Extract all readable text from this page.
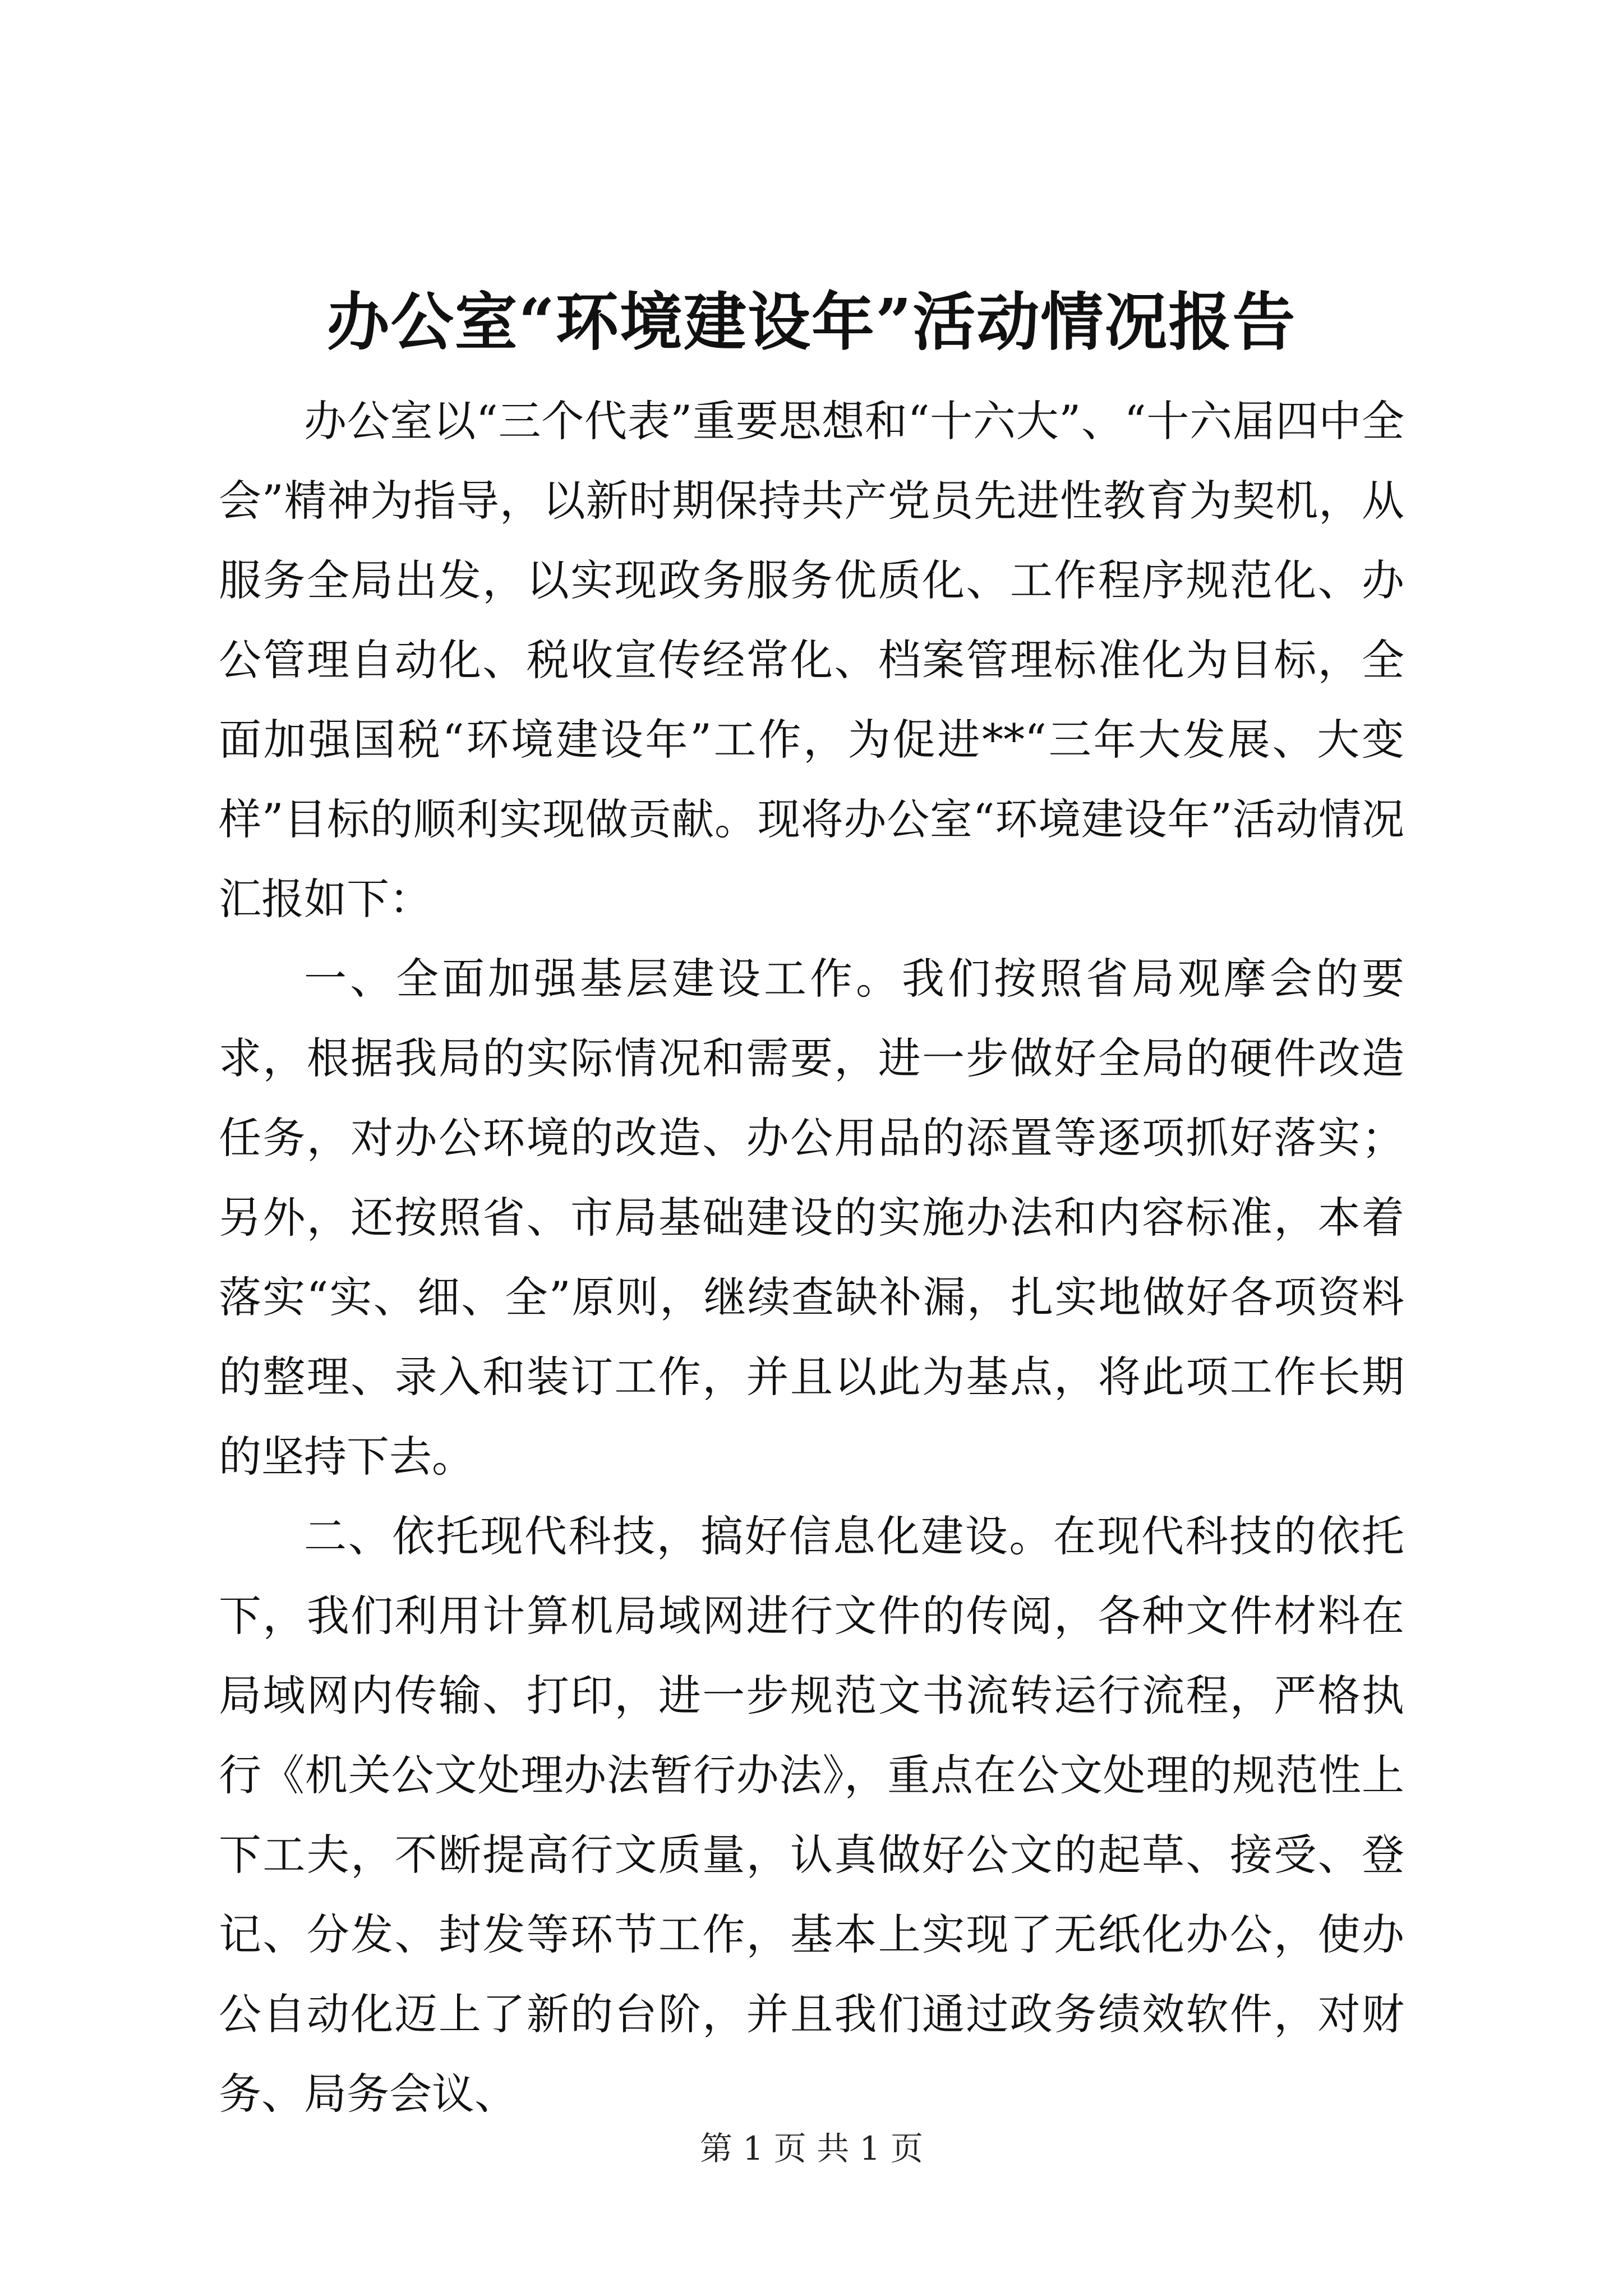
办公室“环境建设年”活动情况报告

办公室以“三个代表”重要思想和“十六大”、“十六届四中全会”精神为指导，以新时期保持共产党员先进性教育为契机，从服务全局出发，以实现政务服务优质化、工作程序规范化、办公管理自动化、税收宣传经常化、档案管理标准化为目标，全面加强国税“环境建设年”工作，为促进**“三年大发展、大变样”目标的顺利实现做贡献。现将办公室“环境建设年”活动情况汇报如下：

一、全面加强基层建设工作。我们按照省局观摩会的要求，根据我局的实际情况和需要，进一步做好全局的硬件改造任务，对办公环境的改造、办公用品的添置等逐项抓好落实；另外，还按照省、市局基础建设的实施办法和内容标准，本着落实“实、细、全”原则，继续查缺补漏，扎实地做好各项资料的整理、录入和装订工作，并且以此为基点，将此项工作长期的坚持下去。

二、依托现代科技，搞好信息化建设。在现代科技的依托下，我们利用计算机局域网进行文件的传阅，各种文件材料在局域网内传输、打印，进一步规范文书流转运行流程，严格执行《机关公文处理办法暂行办法》，重点在公文处理的规范性上下工夫，不断提高行文质量，认真做好公文的起草、接受、登记、分发、封发等环节工作，基本上实现了无纸化办公，使办公自动化迈上了新的台阶，并且我们通过政务绩效软件，对财务、局务会议、

第 1 页 共 1 页
